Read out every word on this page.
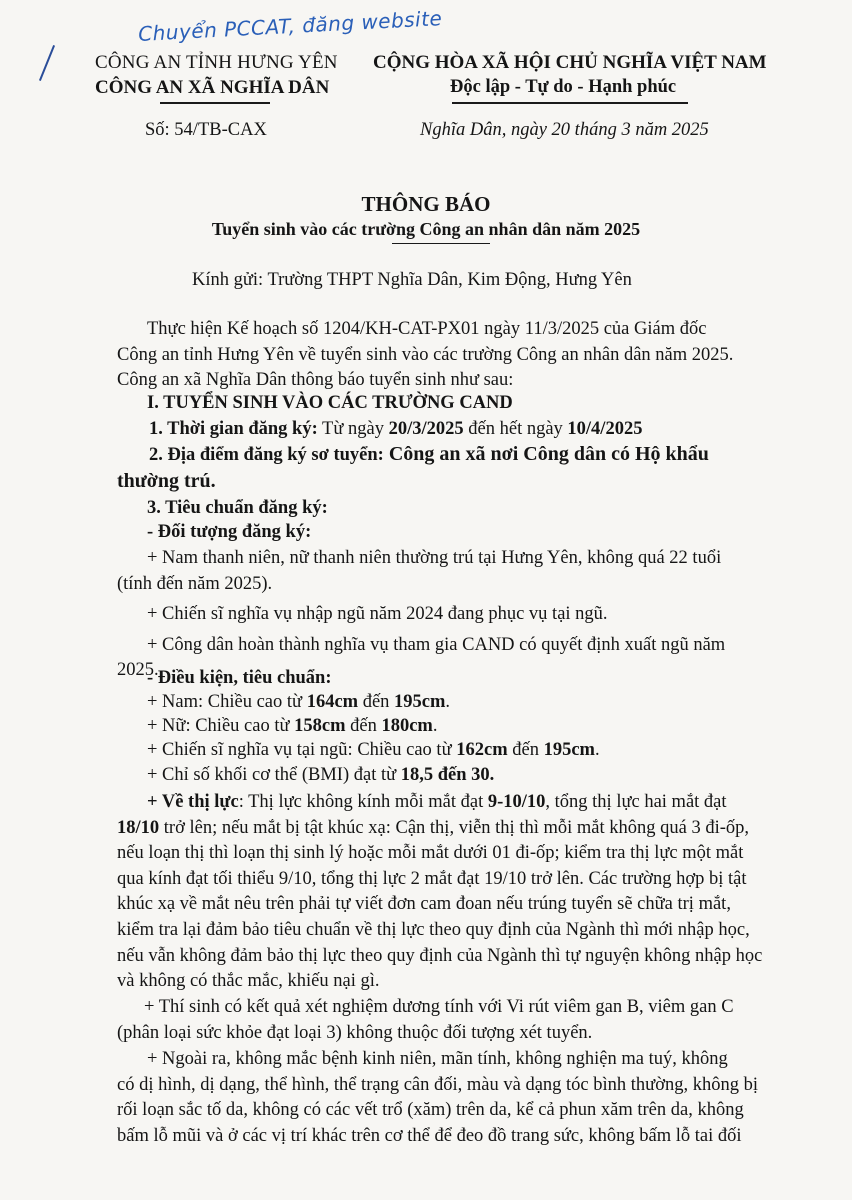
Chuyển PCCAT, đăng website
CÔNG AN TỈNH HƯNG YÊN
CÔNG AN XÃ NGHĨA DÂN
CỘNG HÒA XÃ HỘI CHỦ NGHĨA VIỆT NAM
Độc lập - Tự do - Hạnh phúc
Số: 54/TB-CAX	Nghĩa Dân, ngày 20 tháng 3 năm 2025
THÔNG BÁO
Tuyển sinh vào các trường Công an nhân dân năm 2025
Kính gửi: Trường THPT Nghĩa Dân, Kim Động, Hưng Yên
Thực hiện Kế hoạch số 1204/KH-CAT-PX01 ngày 11/3/2025 của Giám đốc
Công an tỉnh Hưng Yên về tuyển sinh vào các trường Công an nhân dân năm 2025.
Công an xã Nghĩa Dân thông báo tuyển sinh như sau:
I. TUYỂN SINH VÀO CÁC TRƯỜNG CAND
1. Thời gian đăng ký: Từ ngày 20/3/2025 đến hết ngày 10/4/2025
2. Địa điểm đăng ký sơ tuyển: Công an xã nơi Công dân có Hộ khẩu
thường trú.
3. Tiêu chuẩn đăng ký:
- Đối tượng đăng ký:
+ Nam thanh niên, nữ thanh niên thường trú tại Hưng Yên, không quá 22 tuổi
(tính đến năm 2025).
+ Chiến sĩ nghĩa vụ nhập ngũ năm 2024 đang phục vụ tại ngũ.
+ Công dân hoàn thành nghĩa vụ tham gia CAND có quyết định xuất ngũ năm
2025.
- Điều kiện, tiêu chuẩn:
+ Nam: Chiều cao từ 164cm đến 195cm.
+ Nữ: Chiều cao từ 158cm đến 180cm.
+ Chiến sĩ nghĩa vụ tại ngũ: Chiều cao từ 162cm đến 195cm.
+ Chỉ số khối cơ thể (BMI) đạt từ 18,5 đến 30.
+ Về thị lực: Thị lực không kính mỗi mắt đạt 9-10/10, tổng thị lực hai mắt đạt
18/10 trở lên; nếu mắt bị tật khúc xạ: Cận thị, viễn thị thì mỗi mắt không quá 3 đi-ốp,
nếu loạn thị thì loạn thị sinh lý hoặc mỗi mắt dưới 01 đi-ốp; kiểm tra thị lực một mắt
qua kính đạt tối thiểu 9/10, tổng thị lực 2 mắt đạt 19/10 trở lên. Các trường hợp bị tật
khúc xạ về mắt nêu trên phải tự viết đơn cam đoan nếu trúng tuyển sẽ chữa trị mắt,
kiểm tra lại đảm bảo tiêu chuẩn về thị lực theo quy định của Ngành thì mới nhập học,
nếu vẫn không đảm bảo thị lực theo quy định của Ngành thì tự nguyện không nhập học
và không có thắc mắc, khiếu nại gì.
+ Thí sinh có kết quả xét nghiệm dương tính với Vi rút viêm gan B, viêm gan C
(phân loại sức khỏe đạt loại 3) không thuộc đối tượng xét tuyển.
+ Ngoài ra, không mắc bệnh kinh niên, mãn tính, không nghiện ma tuý, không
có dị hình, dị dạng, thể hình, thể trạng cân đối, màu và dạng tóc bình thường, không bị
rối loạn sắc tố da, không có các vết trổ (xăm) trên da, kể cả phun xăm trên da, không
bấm lỗ mũi và ở các vị trí khác trên cơ thể để đeo đồ trang sức, không bấm lỗ tai đối
